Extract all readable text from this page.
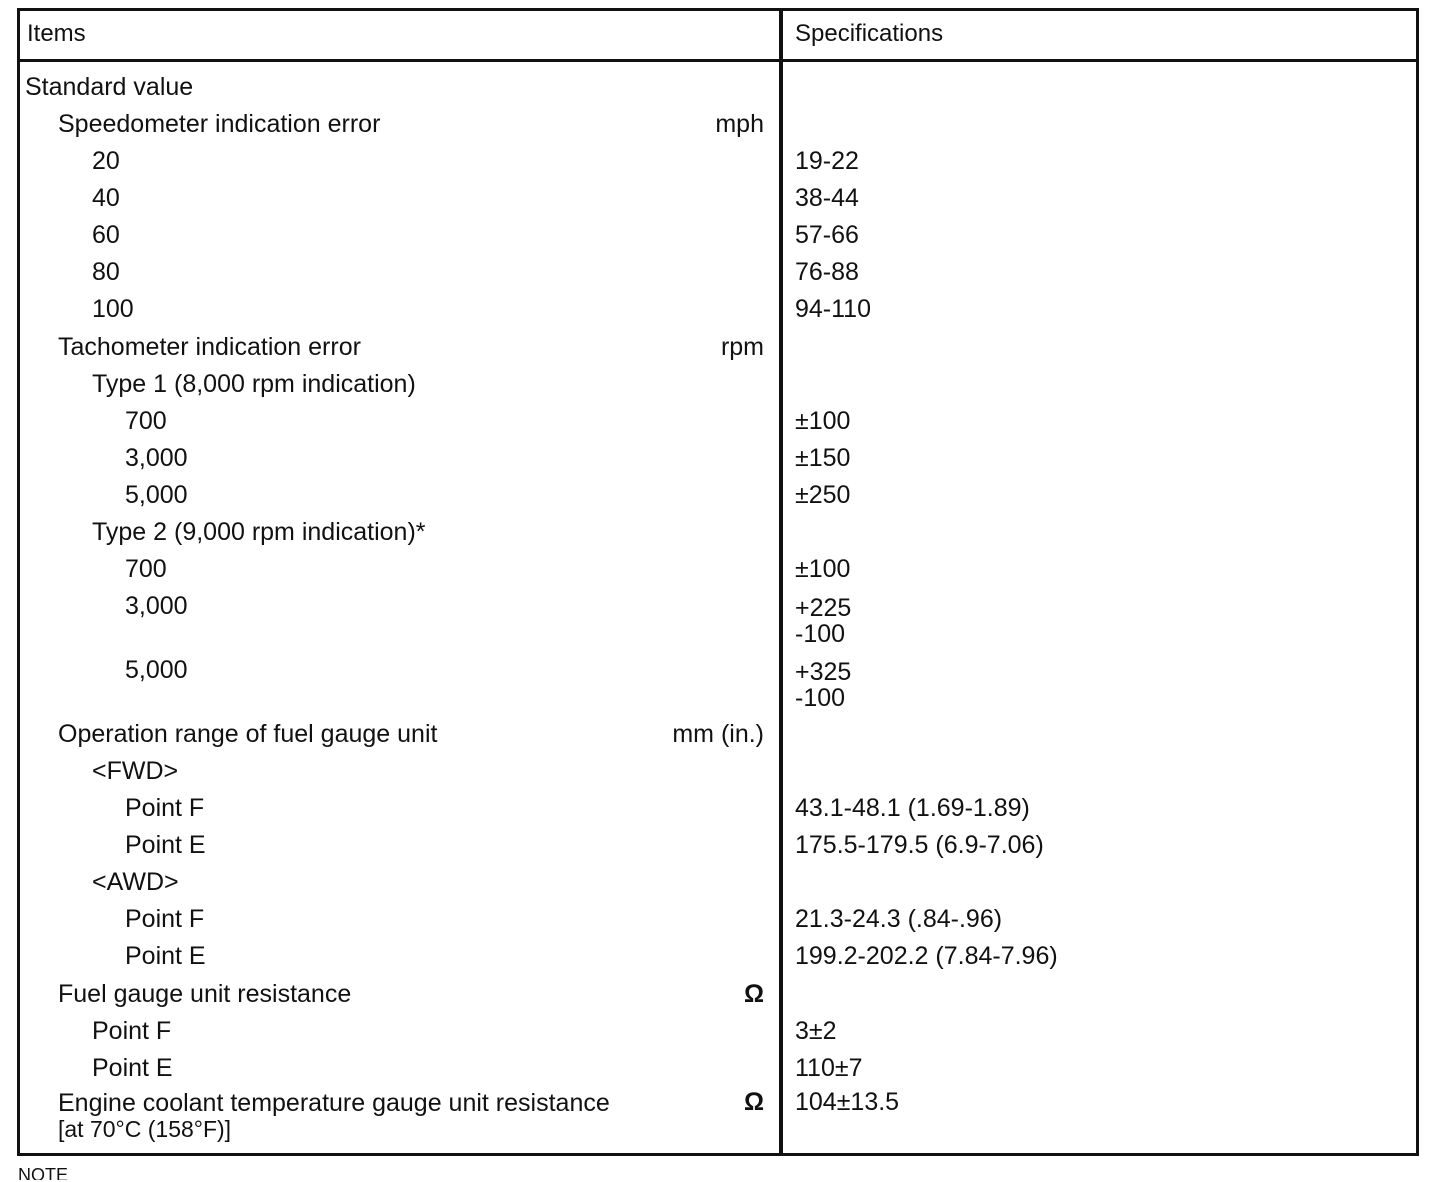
Items	Specifications
Standard value
Speedometer indication error	mph
20	19-22
40	38-44
60	57-66
80	76-88
100	94-110
Tachometer indication error	rpm
Type 1 (8,000 rpm indication)
700	±100
3,000	±150
5,000	±250
Type 2 (9,000 rpm indication)*
700	±100
3,000	+225
-100
5,000	+325
-100
Operation range of fuel gauge unit	mm (in.)
<FWD>
Point F	43.1-48.1 (1.69-1.89)
Point E	175.5-179.5 (6.9-7.06)
<AWD>
Point F	21.3-24.3 (.84-.96)
Point E	199.2-202.2 (7.84-7.96)
Fuel gauge unit resistance	Ω
Point F	3±2
Point E	110±7
Engine coolant temperature gauge unit resistance
[at 70°C (158°F)]
Ω 104±13.5
NOTE
